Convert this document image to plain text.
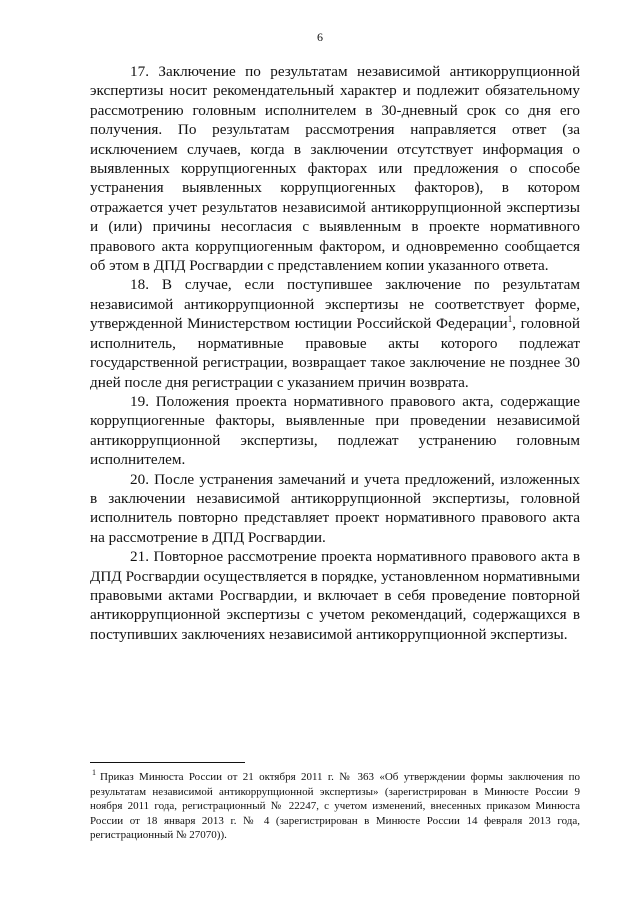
6

17. Заключение по результатам независимой антикоррупционной экспертизы носит рекомендательный характер и подлежит обязательному рассмотрению головным исполнителем в 30-дневный срок со дня его получения. По результатам рассмотрения направляется ответ (за исключением случаев, когда в заключении отсутствует информация о выявленных коррупциогенных факторах или предложения о способе устранения выявленных коррупциогенных факторов), в котором отражается учет результатов независимой антикоррупционной экспертизы и (или) причины несогласия с выявленным в проекте нормативного правового акта коррупциогенным фактором, и одновременно сообщается об этом в ДПД Росгвардии с представлением копии указанного ответа.

18. В случае, если поступившее заключение по результатам независимой антикоррупционной экспертизы не соответствует форме, утвержденной Министерством юстиции Российской Федерации$^1$, головной исполнитель, нормативные правовые акты которого подлежат государственной регистрации, возвращает такое заключение не позднее 30 дней после дня регистрации с указанием причин возврата.

19. Положения проекта нормативного правового акта, содержащие коррупциогенные факторы, выявленные при проведении независимой антикоррупционной экспертизы, подлежат устранению головным исполнителем.

20. После устранения замечаний и учета предложений, изложенных в заключении независимой антикоррупционной экспертизы, головной исполнитель повторно представляет проект нормативного правового акта на рассмотрение в ДПД Росгвардии.

21. Повторное рассмотрение проекта нормативного правового акта в ДПД Росгвардии осуществляется в порядке, установленном нормативными правовыми актами Росгвардии, и включает в себя проведение повторной антикоррупционной экспертизы с учетом рекомендаций, содержащихся в поступивших заключениях независимой антикоррупционной экспертизы.

$^1$ Приказ Минюста России от 21 октября 2011 г. № 363 «Об утверждении формы заключения по результатам независимой антикоррупционной экспертизы» (зарегистрирован в Минюсте России 9 ноября 2011 года, регистрационный № 22247, с учетом изменений, внесенных приказом Минюста России от 18 января 2013 г. № 4 (зарегистрирован в Минюсте России 14 февраля 2013 года, регистрационный № 27070)).
